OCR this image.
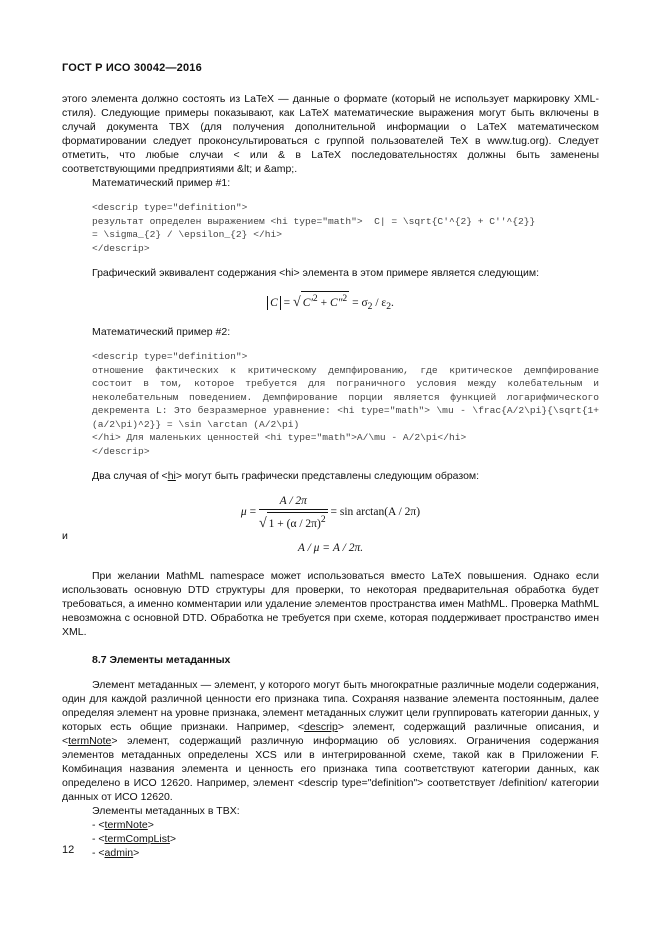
ГОСТ Р ИСО 30042—2016

этого элемента должно состоять из LaTeX — данные о формате (который не использует маркировку XML-стиля). Следующие примеры показывают, как LaTeX математические выражения могут быть включены в случай документа TBX (для получения дополнительной информации о LaTeX математическом форматировании следует проконсультироваться с группой пользователей TeX в www.tug.org). Следует отметить, что любые случаи < или & в LaTeX последовательностях должны быть заменены соответствующими предприятиями &lt; и &amp;.

Математический пример #1:

<descrip type="definition">
результат определен выражением <hi type="math">  C| = \sqrt{C'^{2} + C''^{2}}
= \sigma_{2} / \epsilon_{2} </hi>
</descrip>

Графический эквивалент содержания <hi> элемента в этом примере является следующим:

C = √ $C'^2 + C''^2 = \sigma_2 / \varepsilon_2$.

Математический пример #2:

<descrip type="definition">
отношение фактических к критическому демпфированию, где критическое демпфирование состоит в том, которое требуется для пограничного условия между колебательным и неколебательным поведением. Демпфирование порции является функцией логарифмического декремента L: Это безразмерное уравнение: <hi type="math"> \mu - \frac{A/2\pi}{\sqrt{1+(a/2\pi)^2}} = \sin \arctan (A/2\pi)
</hi> Для маленьких ценностей <hi type="math">A/\mu - A/2\pi</hi>
</descrip>

Два случая of <hi> могут быть графически представлены следующим образом:

$\mu = \frac{A / 2\pi}{√ 1 + (\alpha / 2\pi)^2} = \sin \arctan(A / 2\pi)$

и

A / μ = A / 2π.

При желании MathML namespace может использоваться вместо LaTeX повышения. Однако если использовать основную DTD структуры для проверки, то некоторая предварительная обработка будет требоваться, а именно комментарии или удаление элементов пространства имен MathML. Проверка MathML невозможна с основной DTD. Обработка не требуется при схеме, которая поддерживает пространство имен XML.

8.7 Элементы метаданных

Элемент метаданных — элемент, у которого могут быть многократные различные модели содержания, один для каждой различной ценности его признака типа. Сохраняя название элемента постоянным, далее определяя элемент на уровне признака, элемент метаданных служит цели группировать категории данных, у которых есть общие признаки. Например, <descrip> элемент, содержащий различные описания, и <termNote> элемент, содержащий различную информацию об условиях. Ограничения содержания элементов метаданных определены XCS или в интегрированной схеме, такой как в Приложении F. Комбинация названия элемента и ценность его признака типа соответствуют категории данных, как определено в ИСО 12620. Например, элемент <descrip type="definition"> соответствует /definition/ категории данных от ИСО 12620.

Элементы метаданных в TBX:

- <termNote>
- <termCompList>
- <admin>
12
